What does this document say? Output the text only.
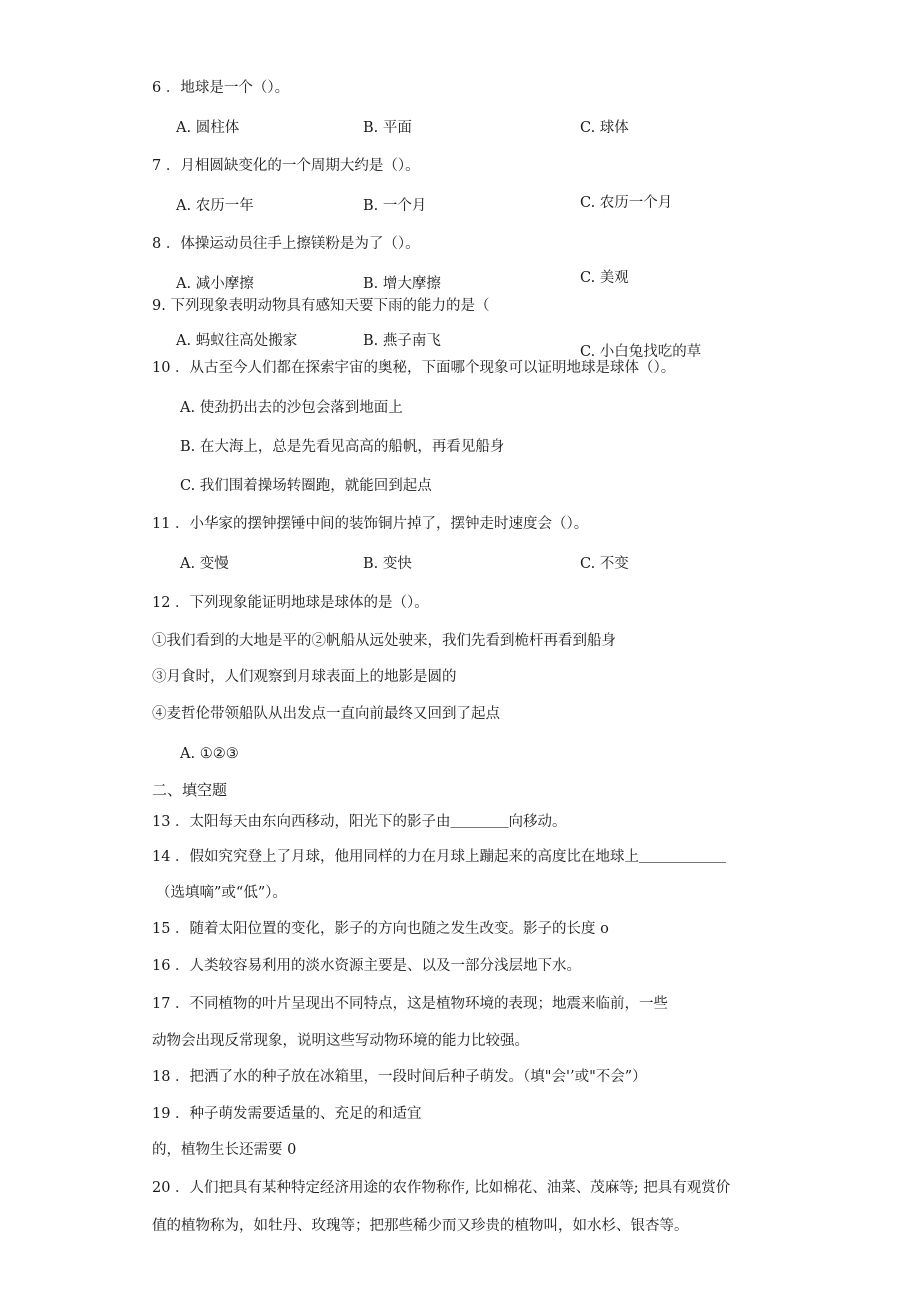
6 ．地球是一个（）。
A. 圆柱体	B. 平面	C. 球体
7 ．月相圆缺变化的一个周期大约是（）。
A. 农历一年	B. 一个月	C. 农历一个月
8 ．体操运动员往手上擦镁粉是为了（）。
A. 减小摩擦	B. 增大摩擦	C. 美观
9. 下列现象表明动物具有感知天要下雨的能力的是（
A. 蚂蚁往高处搬家	B. 燕子南飞
C. 小白兔找吃的草
10 ．从古至今人们都在探索宇宙的奥秘，下面哪个现象可以证明地球是球体（）。
A. 使劲扔出去的沙包会落到地面上
B. 在大海上，总是先看见高高的船帆，再看见船身
C. 我们围着操场转圈跑，就能回到起点
11 ．小华家的摆钟摆锤中间的装饰铜片掉了，摆钟走时速度会（）。
A. 变慢	B. 变快	C. 不变
12 ．下列现象能证明地球是球体的是（）。
①我们看到的大地是平的②帆船从远处驶来，我们先看到桅杆再看到船身
③月食时，人们观察到月球表面上的地影是圆的
④麦哲伦带领船队从出发点一直向前最终又回到了起点
A. ①②③
二、填空题
13 ．太阳每天由东向西移动，阳光下的影子由＿＿＿＿向移动。
14 ．假如究究登上了月球，他用同样的力在月球上蹦起来的高度比在地球上＿＿＿＿＿＿
（选填嘀”或“低”）。
15 ．随着太阳位置的变化，影子的方向也随之发生改变。影子的长度 o
16 ．人类较容易利用的淡水资源主要是、以及一部分浅层地下水。
17 ．不同植物的叶片呈现出不同特点，这是植物环境的表现；地震来临前，一些
动物会出现反常现象，说明这些写动物环境的能力比较强。
18 ．把洒了水的种子放在冰箱里，一段时间后种子萌发。（填"会'’或"不会”）
19 ．种子萌发需要适量的、充足的和适宜
的，植物生长还需要 0
20 ．人们把具有某种特定经济用途的农作物称作, 比如棉花、油菜、茂麻等; 把具有观赏价
值的植物称为，如牡丹、玫瑰等；把那些稀少而又珍贵的植物叫，如水杉、银杏等。
